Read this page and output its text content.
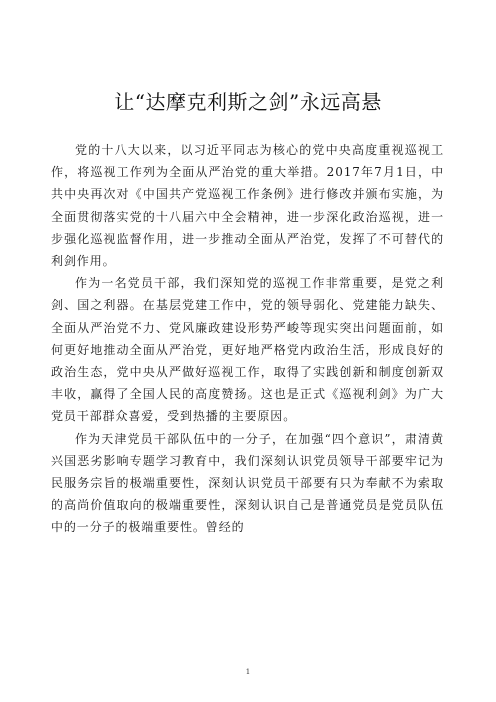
让“达摩克利斯之剑”永远高悬

党的十八大以来，以习近平同志为核心的党中央高度重视巡视工作，将巡视工作列为全面从严治党的重大举措。2017年7月1日，中共中央再次对《中国共产党巡视工作条例》进行修改并颁布实施，为全面贯彻落实党的十八届六中全会精神，进一步深化政治巡视，进一步强化巡视监督作用，进一步推动全面从严治党，发挥了不可替代的利剑作用。

作为一名党员干部，我们深知党的巡视工作非常重要，是党之利剑、国之利器。在基层党建工作中，党的领导弱化、党建能力缺失、全面从严治党不力、党风廉政建设形势严峻等现实突出问题面前，如何更好地推动全面从严治党，更好地严格党内政治生活，形成良好的政治生态，党中央从严做好巡视工作，取得了实践创新和制度创新双丰收，赢得了全国人民的高度赞扬。这也是正式《巡视利剑》为广大党员干部群众喜爱，受到热播的主要原因。

作为天津党员干部队伍中的一分子，在加强“四个意识”，肃清黄兴国恶劣影响专题学习教育中，我们深刻认识党员领导干部要牢记为民服务宗旨的极端重要性，深刻认识党员干部要有只为奉献不为索取的高尚价值取向的极端重要性，深刻认识自己是普通党员是党员队伍中的一分子的极端重要性。曾经的

1
